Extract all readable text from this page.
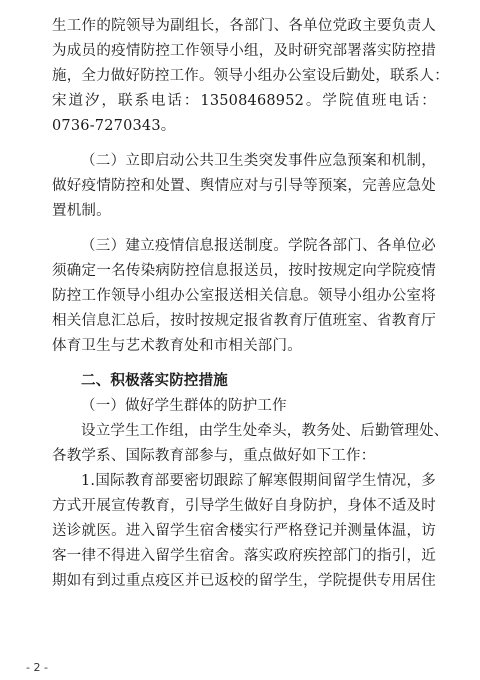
生工作的院领导为副组长，各部门、各单位党政主要负责人

为成员的疫情防控工作领导小组，及时研究部署落实防控措

施，全力做好防控工作。领导小组办公室设后勤处，联系人：

宋道汐，联系电话：13508468952。学院值班电话：

0736-7270343。

（二）立即启动公共卫生类突发事件应急预案和机制，

做好疫情防控和处置、舆情应对与引导等预案，完善应急处

置机制。

（三）建立疫情信息报送制度。学院各部门、各单位必

须确定一名传染病防控信息报送员，按时按规定向学院疫情

防控工作领导小组办公室报送相关信息。领导小组办公室将

相关信息汇总后，按时按规定报省教育厅值班室、省教育厅

体育卫生与艺术教育处和市相关部门。

二、积极落实防控措施

（一）做好学生群体的防护工作

设立学生工作组，由学生处牵头，教务处、后勤管理处、

各教学系、国际教育部参与，重点做好如下工作：

1.国际教育部要密切跟踪了解寒假期间留学生情况，多

方式开展宣传教育，引导学生做好自身防护，身体不适及时

送诊就医。进入留学生宿舍楼实行严格登记并测量体温，访

客一律不得进入留学生宿舍。落实政府疾控部门的指引，近

期如有到过重点疫区并已返校的留学生，学院提供专用居住

- 2 -
